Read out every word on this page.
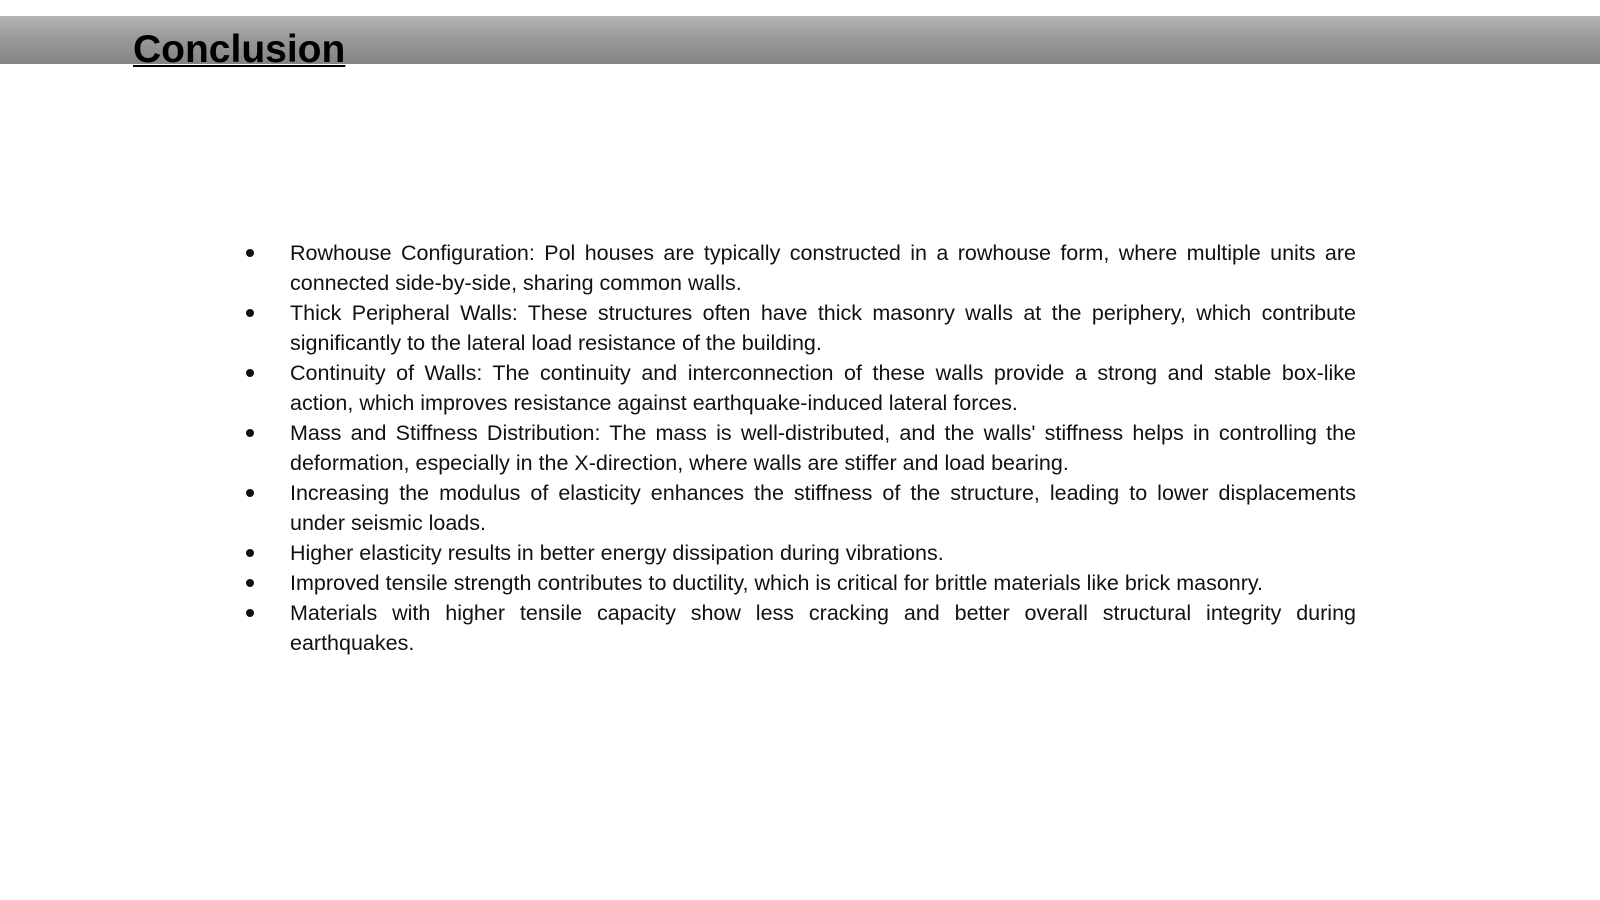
Conclusion
Rowhouse Configuration: Pol houses are typically constructed in a rowhouse form, where multiple units are connected side-by-side, sharing common walls.
Thick Peripheral Walls: These structures often have thick masonry walls at the periphery, which contribute significantly to the lateral load resistance of the building.
Continuity of Walls: The continuity and interconnection of these walls provide a strong and stable box-like action, which improves resistance against earthquake-induced lateral forces.
Mass and Stiffness Distribution: The mass is well-distributed, and the walls' stiffness helps in controlling the deformation, especially in the X-direction, where walls are stiffer and load bearing.
Increasing the modulus of elasticity enhances the stiffness of the structure, leading to lower displacements under seismic loads.
Higher elasticity results in better energy dissipation during vibrations.
Improved tensile strength contributes to ductility, which is critical for brittle materials like brick masonry.
Materials with higher tensile capacity show less cracking and better overall structural integrity during earthquakes.
